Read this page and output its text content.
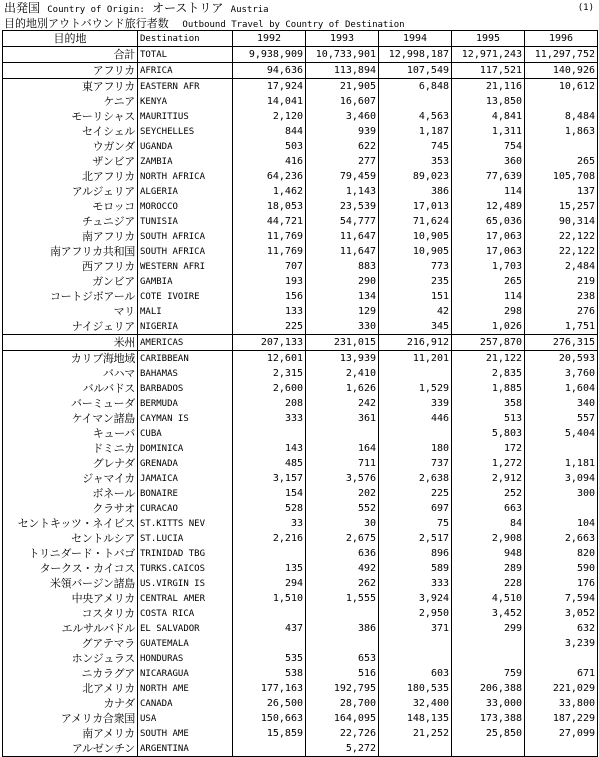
出発国 Country of Origin: オーストリア Austria	(1)
目的地別アウトバウンド旅行者数 Outbound Travel by Country of Destination
目的地	Destination	1992	1993	1994	1995	1996
合計	TOTAL	9,938,909	10,733,901	12,998,187	12,971,243	11,297,752
アフリカ	AFRICA	94,636	113,894	107,549	117,521	140,926
東アフリカ	EASTERN AFR	17,924	21,905	6,848	21,116	10,612
ケニア	KENYA	14,041	16,607		13,850	
モーリシャス	MAURITIUS	2,120	3,460	4,563	4,841	8,484
セイシェル	SEYCHELLES	844	939	1,187	1,311	1,863
ウガンダ	UGANDA	503	622	745	754	
ザンビア	ZAMBIA	416	277	353	360	265
北アフリカ	NORTH AFRICA	64,236	79,459	89,023	77,639	105,708
アルジェリア	ALGERIA	1,462	1,143	386	114	137
モロッコ	MOROCCO	18,053	23,539	17,013	12,489	15,257
チュニジア	TUNISIA	44,721	54,777	71,624	65,036	90,314
南アフリカ	SOUTH AFRICA	11,769	11,647	10,905	17,063	22,122
南アフリカ共和国	SOUTH AFRICA	11,769	11,647	10,905	17,063	22,122
西アフリカ	WESTERN AFRI	707	883	773	1,703	2,484
ガンビア	GAMBIA	193	290	235	265	219
コートジボアール	COTE IVOIRE	156	134	151	114	238
マリ	MALI	133	129	42	298	276
ナイジェリア	NIGERIA	225	330	345	1,026	1,751
米州	AMERICAS	207,133	231,015	216,912	257,870	276,315
カリブ海地域	CARIBBEAN	12,601	13,939	11,201	21,122	20,593
バハマ	BAHAMAS	2,315	2,410		2,835	3,760
バルバドス	BARBADOS	2,600	1,626	1,529	1,885	1,604
バーミューダ	BERMUDA	208	242	339	358	340
ケイマン諸島	CAYMAN IS	333	361	446	513	557
キューバ	CUBA				5,803	5,404
ドミニカ	DOMINICA	143	164	180	172	
グレナダ	GRENADA	485	711	737	1,272	1,181
ジャマイカ	JAMAICA	3,157	3,576	2,638	2,912	3,094
ボネール	BONAIRE	154	202	225	252	300
クラサオ	CURACAO	528	552	697	663	
セントキッツ・ネイビス	ST.KITTS NEV	33	30	75	84	104
セントルシア	ST.LUCIA	2,216	2,675	2,517	2,908	2,663
トリニダード・トバゴ	TRINIDAD TBG		636	896	948	820
タークス・カイコス	TURKS.CAICOS	135	492	589	289	590
米領バージン諸島	US.VIRGIN IS	294	262	333	228	176
中央アメリカ	CENTRAL AMER	1,510	1,555	3,924	4,510	7,594
コスタリカ	COSTA RICA			2,950	3,452	3,052
エルサルバドル	EL SALVADOR	437	386	371	299	632
グアテマラ	GUATEMALA					3,239
ホンジュラス	HONDURAS	535	653			
ニカラグア	NICARAGUA	538	516	603	759	671
北アメリカ	NORTH AME	177,163	192,795	180,535	206,388	221,029
カナダ	CANADA	26,500	28,700	32,400	33,000	33,800
アメリカ合衆国	USA	150,663	164,095	148,135	173,388	187,229
南アメリカ	SOUTH AME	15,859	22,726	21,252	25,850	27,099
アルゼンチン	ARGENTINA		5,272			
